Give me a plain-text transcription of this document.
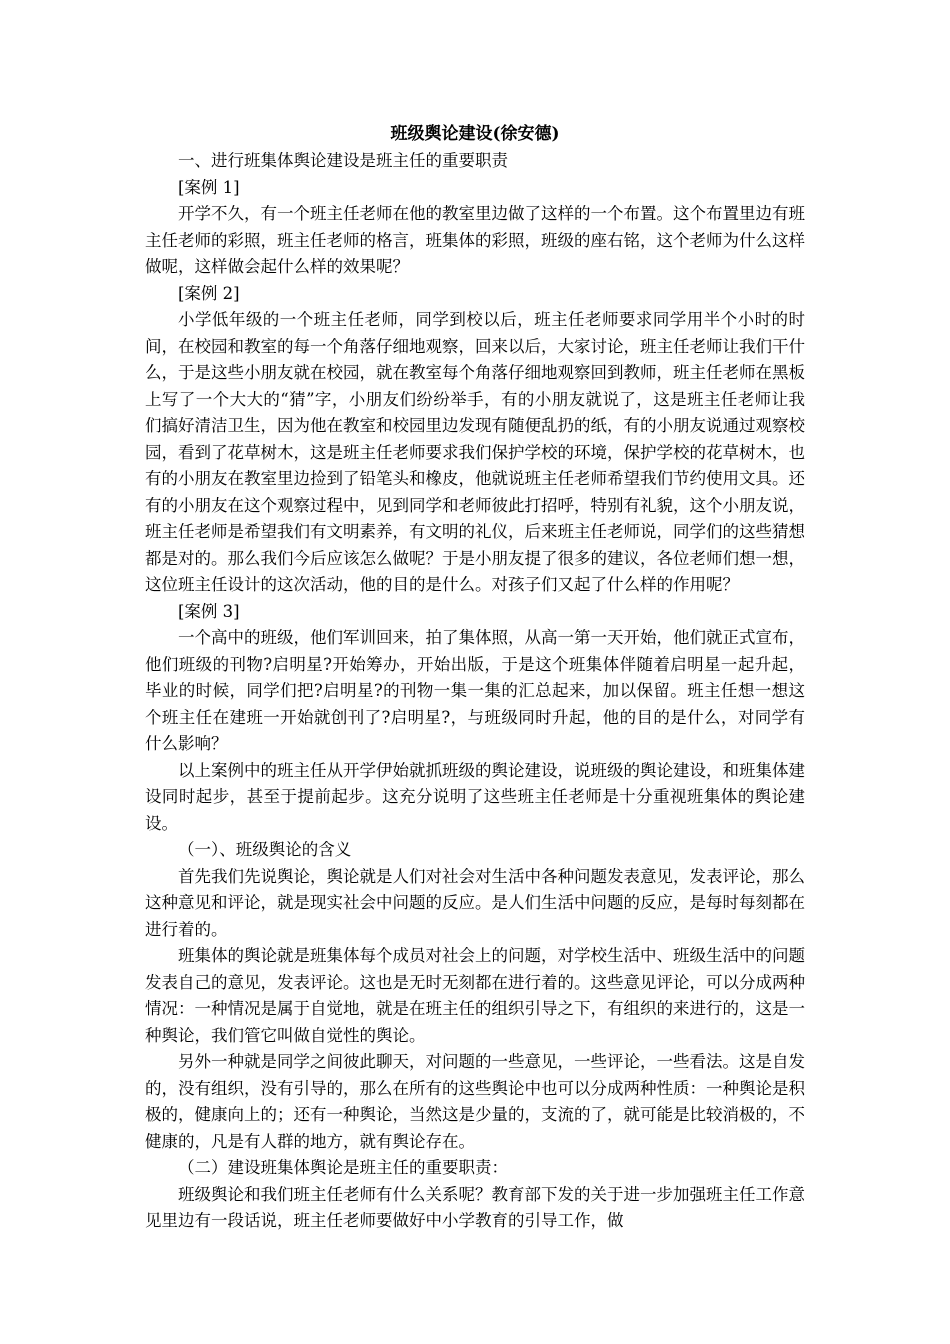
班级舆论建设(徐安德)

一、进行班集体舆论建设是班主任的重要职责

[案例 1]

开学不久，有一个班主任老师在他的教室里边做了这样的一个布置。这个布置里边有班主任老师的彩照，班主任老师的格言，班集体的彩照，班级的座右铭，这个老师为什么这样做呢，这样做会起什么样的效果呢？

[案例 2]

小学低年级的一个班主任老师，同学到校以后，班主任老师要求同学用半个小时的时间，在校园和教室的每一个角落仔细地观察，回来以后，大家讨论，班主任老师让我们干什么，于是这些小朋友就在校园，就在教室每个角落仔细地观察回到教师，班主任老师在黑板上写了一个大大的“猜”字，小朋友们纷纷举手，有的小朋友就说了，这是班主任老师让我们搞好清洁卫生，因为他在教室和校园里边发现有随便乱扔的纸，有的小朋友说通过观察校园，看到了花草树木，这是班主任老师要求我们保护学校的环境，保护学校的花草树木，也有的小朋友在教室里边捡到了铅笔头和橡皮，他就说班主任老师希望我们节约使用文具。还有的小朋友在这个观察过程中，见到同学和老师彼此打招呼，特别有礼貌，这个小朋友说，班主任老师是希望我们有文明素养，有文明的礼仪，后来班主任老师说，同学们的这些猜想都是对的。那么我们今后应该怎么做呢？于是小朋友提了很多的建议，各位老师们想一想，这位班主任设计的这次活动，他的目的是什么。对孩子们又起了什么样的作用呢？

[案例 3]

一个高中的班级，他们军训回来，拍了集体照，从高一第一天开始，他们就正式宣布，他们班级的刊物?启明星?开始筹办，开始出版，于是这个班集体伴随着启明星一起升起，毕业的时候，同学们把?启明星?的刊物一集一集的汇总起来，加以保留。班主任想一想这个班主任在建班一开始就创刊了?启明星?，与班级同时升起，他的目的是什么，对同学有什么影响？

以上案例中的班主任从开学伊始就抓班级的舆论建设，说班级的舆论建设，和班集体建设同时起步，甚至于提前起步。这充分说明了这些班主任老师是十分重视班集体的舆论建设。

（一）、班级舆论的含义

首先我们先说舆论，舆论就是人们对社会对生活中各种问题发表意见，发表评论，那么这种意见和评论，就是现实社会中问题的反应。是人们生活中问题的反应，是每时每刻都在进行着的。

班集体的舆论就是班集体每个成员对社会上的问题，对学校生活中、班级生活中的问题发表自己的意见，发表评论。这也是无时无刻都在进行着的。这些意见评论，可以分成两种情况：一种情况是属于自觉地，就是在班主任的组织引导之下，有组织的来进行的，这是一种舆论，我们管它叫做自觉性的舆论。

另外一种就是同学之间彼此聊天，对问题的一些意见，一些评论，一些看法。这是自发的，没有组织，没有引导的，那么在所有的这些舆论中也可以分成两种性质：一种舆论是积极的，健康向上的；还有一种舆论，当然这是少量的，支流的了，就可能是比较消极的，不健康的，凡是有人群的地方，就有舆论存在。

（二）建设班集体舆论是班主任的重要职责：

班级舆论和我们班主任老师有什么关系呢？教育部下发的关于进一步加强班主任工作意见里边有一段话说，班主任老师要做好中小学教育的引导工作，做
